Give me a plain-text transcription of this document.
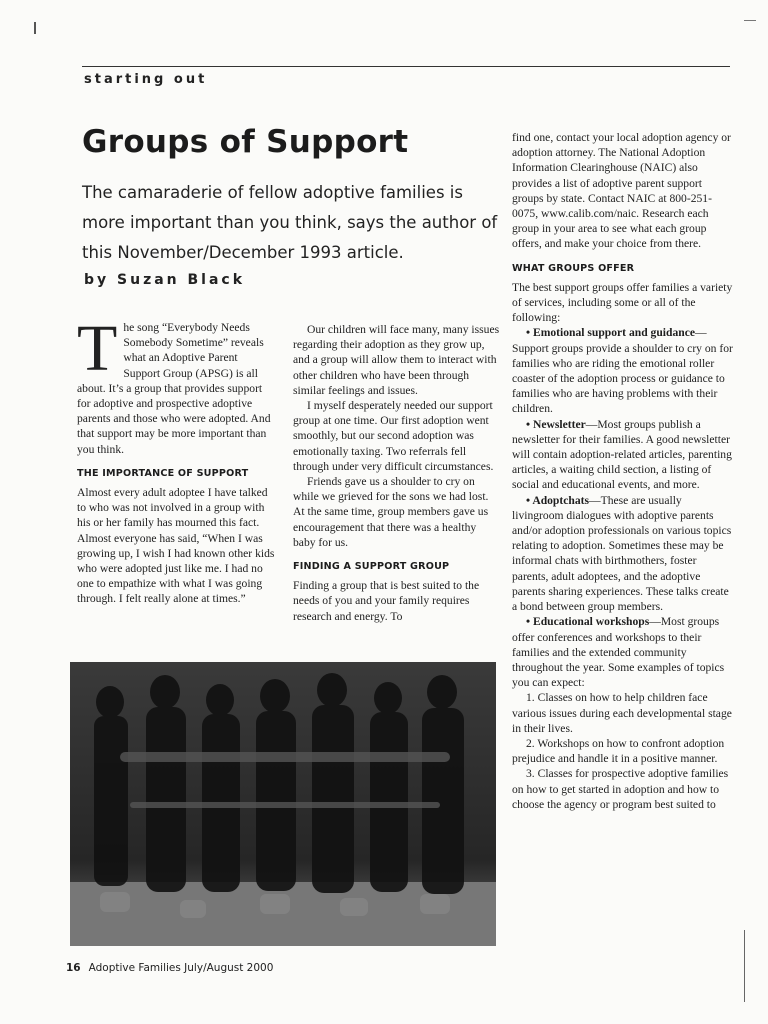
starting out
Groups of Support
The camaraderie of fellow adoptive families is more important than you think, says the author of this November/December 1993 article.
by Suzan Black

The song “Everybody Needs Somebody Sometime” reveals what an Adoptive Parent Support Group (APSG) is all about. It’s a group that provides support for adoptive and prospective adoptive parents and those who were adopted. And that support may be more important than you think.

THE IMPORTANCE OF SUPPORT

Almost every adult adoptee I have talked to who was not involved in a group with his or her family has mourned this fact. Almost everyone has said, “When I was growing up, I wish I had known other kids who were adopted just like me. I had no one to empathize with what I was going through. I felt really alone at times.”

Our children will face many, many issues regarding their adoption as they grow up, and a group will allow them to interact with other children who have been through similar feelings and issues.

I myself desperately needed our support group at one time. Our first adoption went smoothly, but our second adoption was emotionally taxing. Two referrals fell through under very difficult circumstances.

Friends gave us a shoulder to cry on while we grieved for the sons we had lost. At the same time, group members gave us encouragement that there was a healthy baby for us.

FINDING A SUPPORT GROUP

Finding a group that is best suited to the needs of you and your family requires research and energy. To

find one, contact your local adoption agency or adoption attorney. The National Adoption Information Clearinghouse (NAIC) also provides a list of adoptive parent support groups by state. Contact NAIC at 800-251-0075, www.calib.com/naic. Research each group in your area to see what each group offers, and make your choice from there.

WHAT GROUPS OFFER

The best support groups offer families a variety of services, including some or all of the following:

• Emotional support and guidance—Support groups provide a shoulder to cry on for families who are riding the emotional roller coaster of the adoption process or guidance to families who are having problems with their children.

• Newsletter—Most groups publish a newsletter for their families. A good newsletter will contain adoption-related articles, parenting articles, a waiting child section, a listing of social and educational events, and more.

• Adoptchats—These are usually livingroom dialogues with adoptive parents and/or adoption professionals on various topics relating to adoption. Sometimes these may be informal chats with birthmothers, foster parents, adult adoptees, and the adoptive parents sharing experiences. These talks create a bond between group members.

• Educational workshops—Most groups offer conferences and workshops to their families and the extended community throughout the year. Some examples of topics you can expect:

1. Classes on how to help children face various issues during each developmental stage in their lives.

2. Workshops on how to confront adoption prejudice and handle it in a positive manner.

3. Classes for prospective adoptive families on how to get started in adoption and how to choose the agency or program best suited to

16 Adoptive Families July/August 2000
